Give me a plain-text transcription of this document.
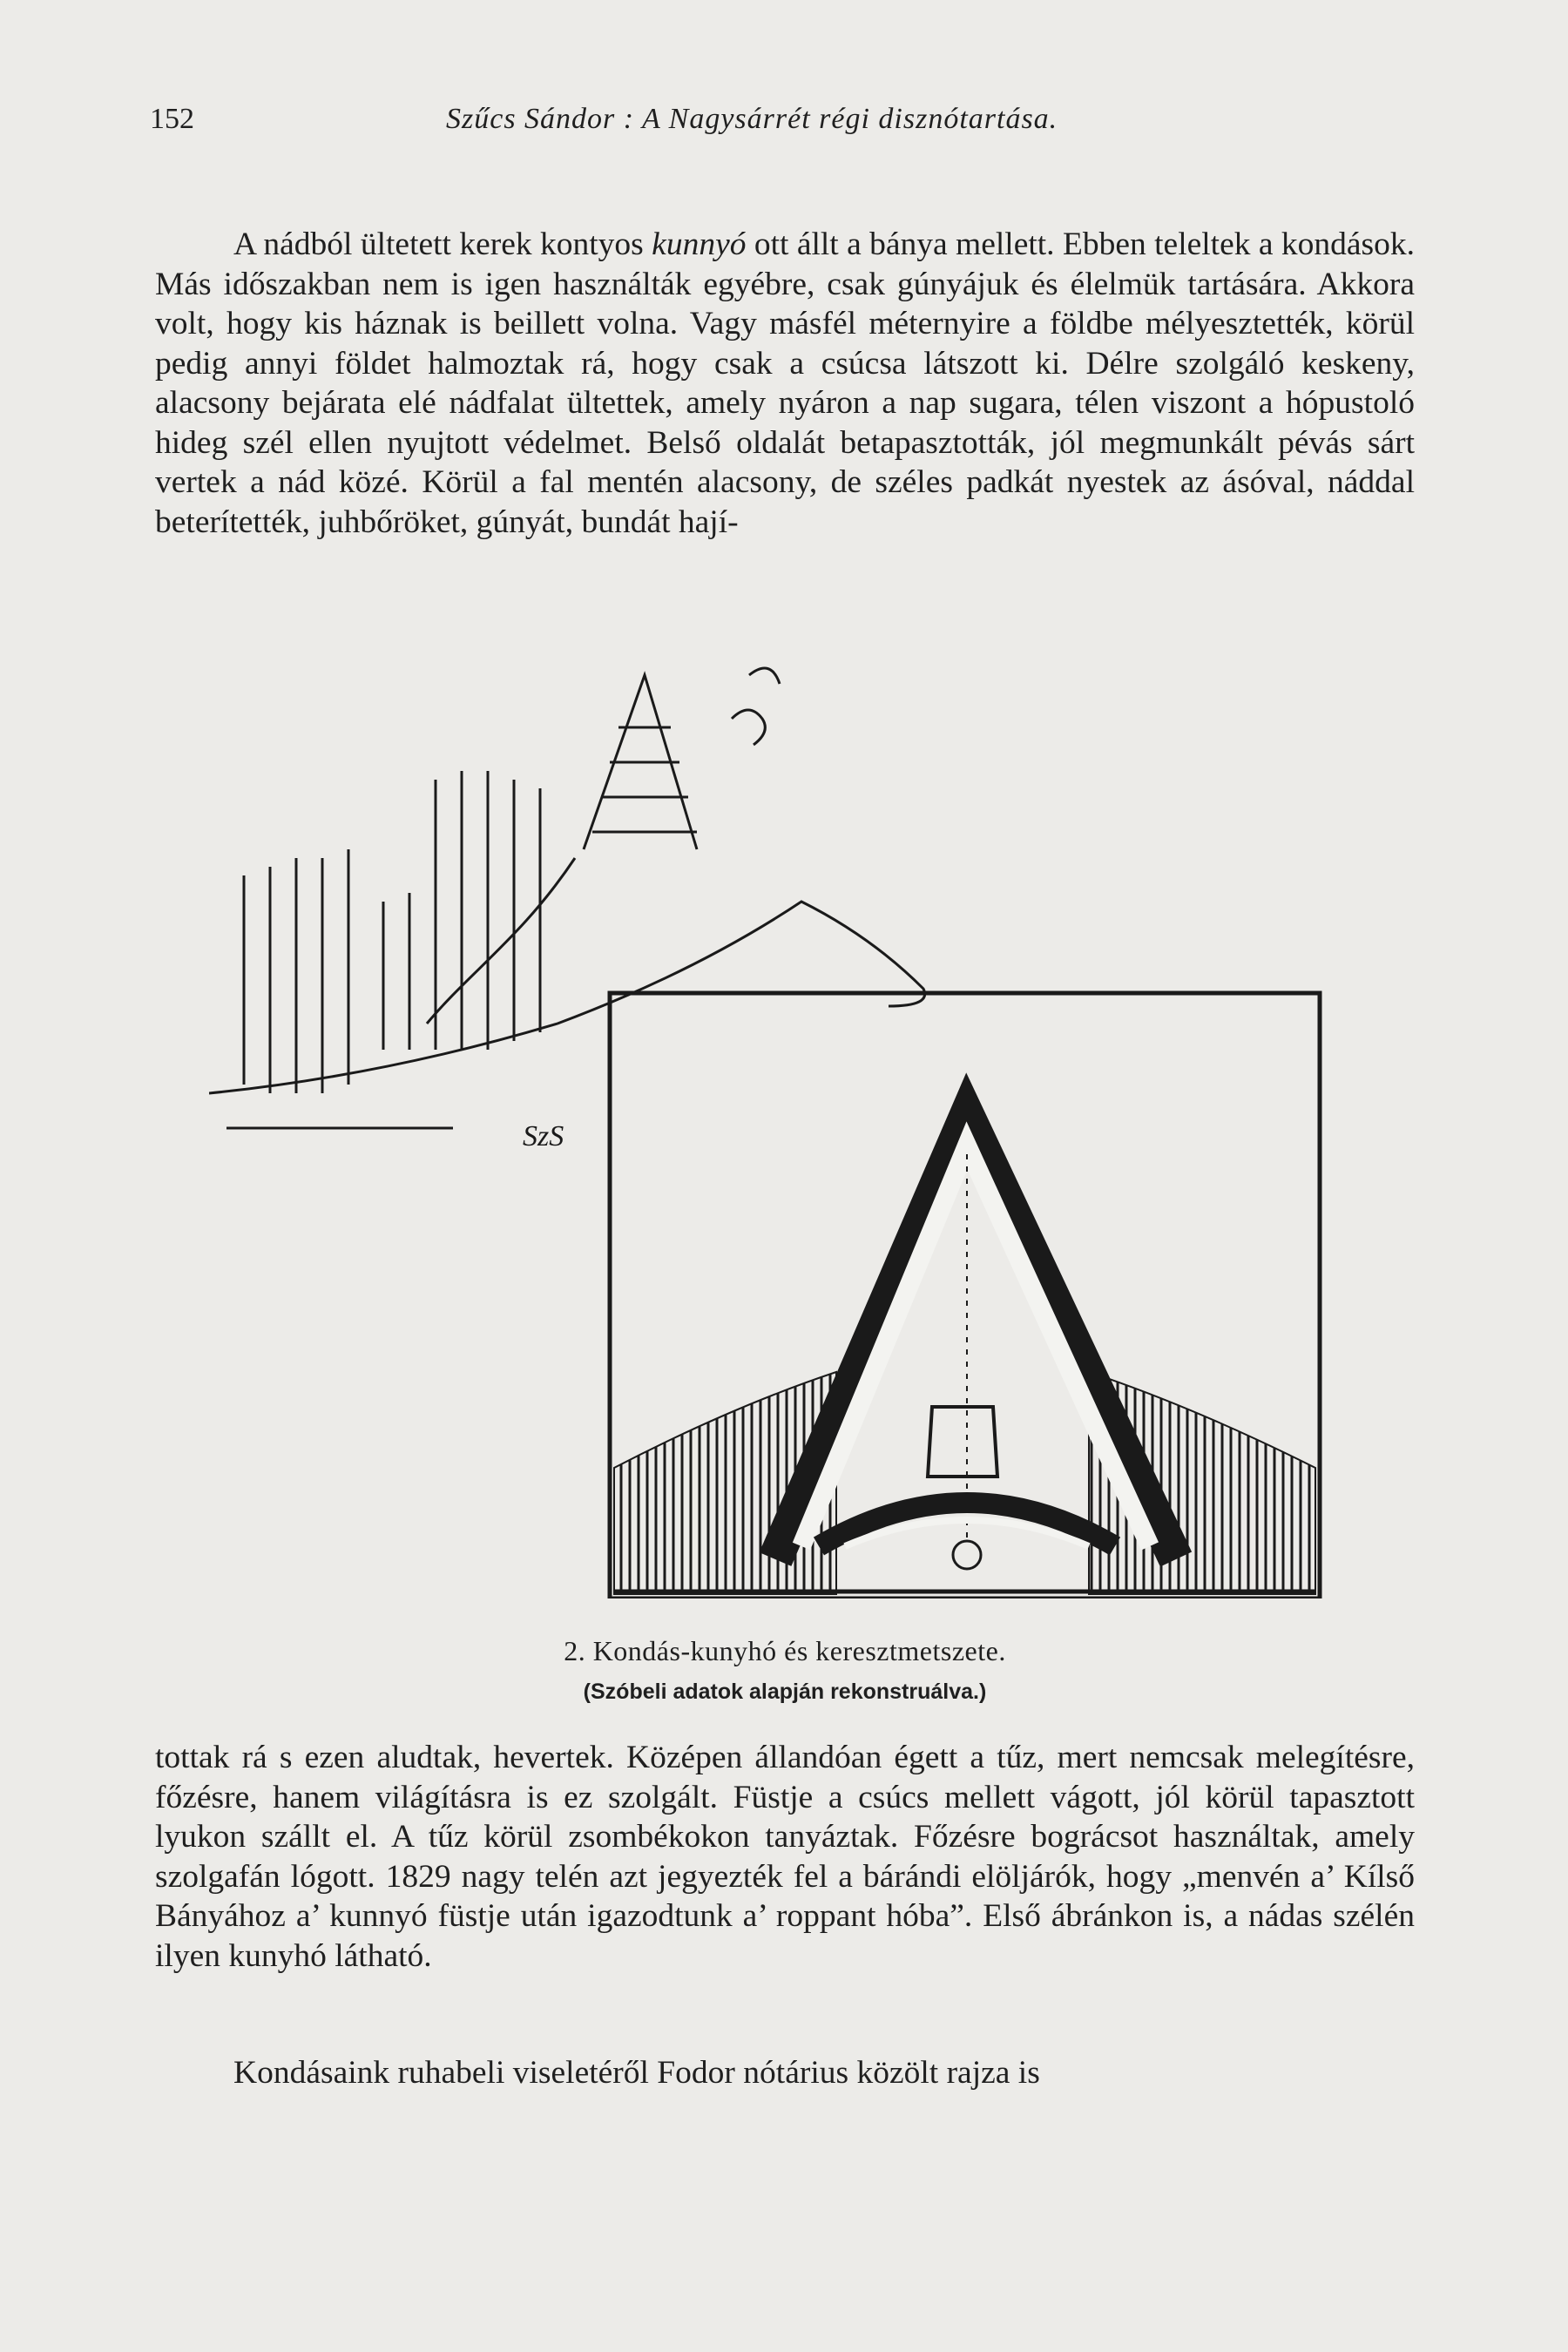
152	Szűcs Sándor : A Nagysárrét régi disznótartása.

A nádból ültetett kerek kontyos kunnyó ott állt a bánya mellett. Ebben teleltek a kondások. Más időszakban nem is igen használták egyébre, csak gúnyájuk és élelmük tartására. Akkora volt, hogy kis háznak is beillett volna. Vagy másfél méternyire a földbe mélyesztették, körül pedig annyi földet halmoztak rá, hogy csak a csúcsa látszott ki. Délre szolgáló keskeny, alacsony bejárata elé nádfalat ültettek, amely nyáron a nap sugara, télen viszont a hópustoló hideg szél ellen nyujtott védelmet. Belső oldalát betapasztották, jól megmunkált pévás sárt vertek a nád közé. Körül a fal mentén alacsony, de széles padkát nyestek az ásóval, náddal beterítették, juhbőröket, gúnyát, bundát hají-

SzS
2. Kondás-kunyhó és keresztmetszete.
(Szóbeli adatok alapján rekonstruálva.)

tottak rá s ezen aludtak, hevertek. Középen állandóan égett a tűz, mert nemcsak melegítésre, főzésre, hanem világításra is ez szolgált. Füstje a csúcs mellett vágott, jól körül tapasztott lyukon szállt el. A tűz körül zsombékokon tanyáztak. Főzésre bográcsot használtak, amely szolgafán lógott. 1829 nagy telén azt jegyezték fel a bárándi elöljárók, hogy „menvén a’ Kílső Bányához a’ kunnyó füstje után igazodtunk a’ roppant hóba”. Első ábránkon is, a nádas szélén ilyen kunyhó látható.

Kondásaink ruhabeli viseletéről Fodor nótárius közölt rajza is
